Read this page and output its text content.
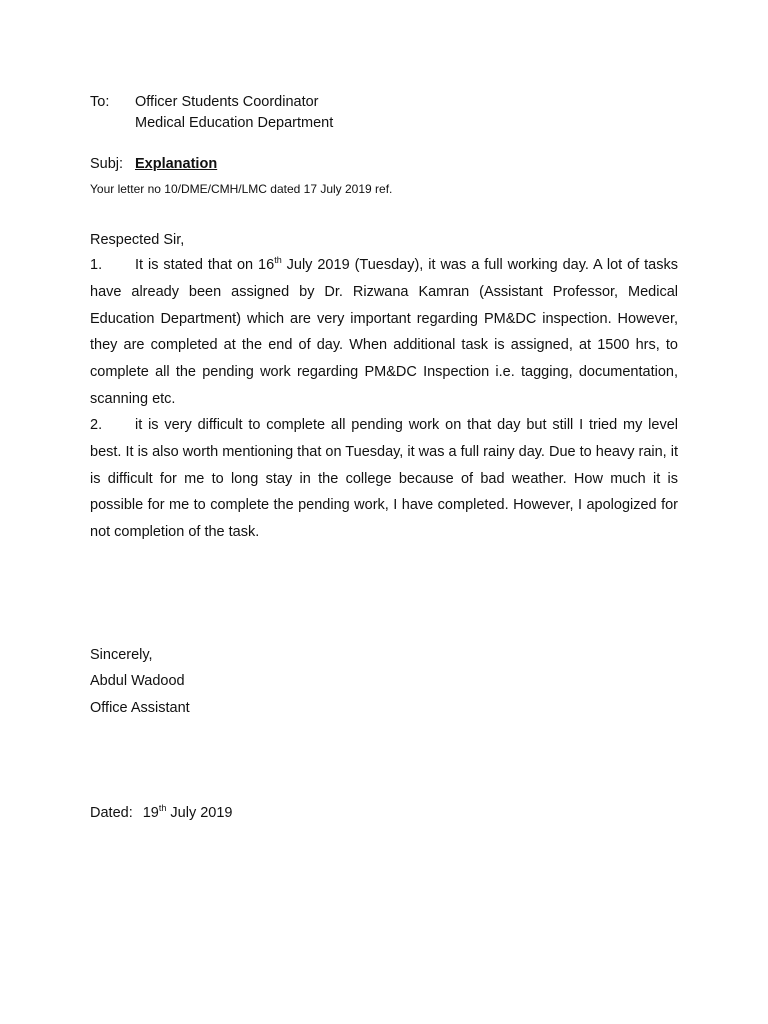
To: Officer Students Coordinator
Medical Education Department
Subj: Explanation
Your letter no 10/DME/CMH/LMC dated 17 July 2019 ref.
Respected Sir,

1. It is stated that on 16th July 2019 (Tuesday), it was a full working day. A lot of tasks have already been assigned by Dr. Rizwana Kamran (Assistant Professor, Medical Education Department) which are very important regarding PM&DC inspection. However, they are completed at the end of day. When additional task is assigned, at 1500 hrs, to complete all the pending work regarding PM&DC Inspection i.e. tagging, documentation, scanning etc.

2. it is very difficult to complete all pending work on that day but still I tried my level best. It is also worth mentioning that on Tuesday, it was a full rainy day. Due to heavy rain, it is difficult for me to long stay in the college because of bad weather. How much it is possible for me to complete the pending work, I have completed. However, I apologized for not completion of the task.

Sincerely,
Abdul Wadood
Office Assistant
Dated: 19th July 2019
